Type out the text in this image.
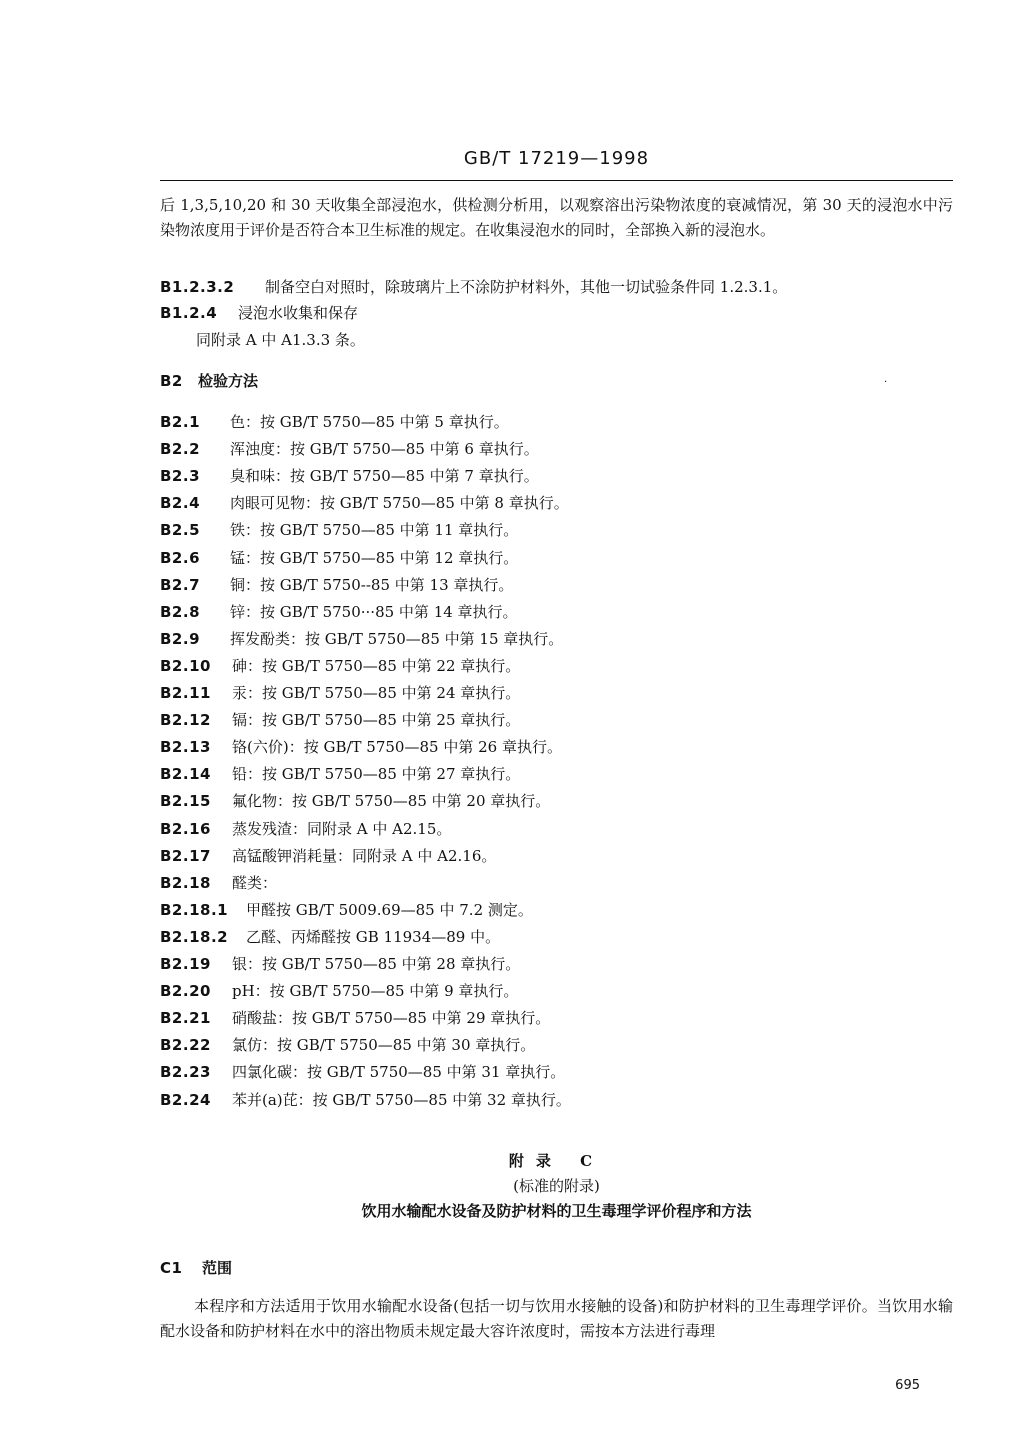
GB/T 17219—1998
后 1,3,5,10,20 和 30 天收集全部浸泡水，供检测分析用，以观察溶出污染物浓度的衰减情况，第 30 天的浸泡水中污染物浓度用于评价是否符合本卫生标准的规定。在收集浸泡水的同时，全部换入新的浸泡水。
B1.2.3.2 制备空白对照时，除玻璃片上不涂防护材料外，其他一切试验条件同 1.2.3.1。
B1.2.4 浸泡水收集和保存
同附录 A 中 A1.3.3 条。
B2 检验方法	·
B2.1 色：按 GB/T 5750—85 中第 5 章执行。
B2.2 浑浊度：按 GB/T 5750—85 中第 6 章执行。
B2.3 臭和味：按 GB/T 5750—85 中第 7 章执行。
B2.4 肉眼可见物：按 GB/T 5750—85 中第 8 章执行。
B2.5 铁：按 GB/T 5750—85 中第 11 章执行。
B2.6 锰：按 GB/T 5750—85 中第 12 章执行。
B2.7 铜：按 GB/T 5750--85 中第 13 章执行。
B2.8 锌：按 GB/T 5750···85 中第 14 章执行。
B2.9 挥发酚类：按 GB/T 5750—85 中第 15 章执行。
B2.10 砷：按 GB/T 5750—85 中第 22 章执行。
B2.11 汞：按 GB/T 5750—85 中第 24 章执行。
B2.12 镉：按 GB/T 5750—85 中第 25 章执行。
B2.13 铬(六价)：按 GB/T 5750—85 中第 26 章执行。
B2.14 铅：按 GB/T 5750—85 中第 27 章执行。
B2.15 氟化物：按 GB/T 5750—85 中第 20 章执行。
B2.16 蒸发残渣：同附录 A 中 A2.15。
B2.17 高锰酸钾消耗量：同附录 A 中 A2.16。
B2.18 醛类：
B2.18.1 甲醛按 GB/T 5009.69—85 中 7.2 测定。
B2.18.2 乙醛、丙烯醛按 GB 11934—89 中。
B2.19 银：按 GB/T 5750—85 中第 28 章执行。
B2.20 pH：按 GB/T 5750—85 中第 9 章执行。
B2.21 硝酸盐：按 GB/T 5750—85 中第 29 章执行。
B2.22 氯仿：按 GB/T 5750—85 中第 30 章执行。
B2.23 四氯化碳：按 GB/T 5750—85 中第 31 章执行。
B2.24 苯并(a)芘：按 GB/T 5750—85 中第 32 章执行。
附录 C
(标准的附录)
饮用水输配水设备及防护材料的卫生毒理学评价程序和方法
C1 范围
本程序和方法适用于饮用水输配水设备(包括一切与饮用水接触的设备)和防护材料的卫生毒理学评价。当饮用水输配水设备和防护材料在水中的溶出物质未规定最大容许浓度时，需按本方法进行毒理
695
